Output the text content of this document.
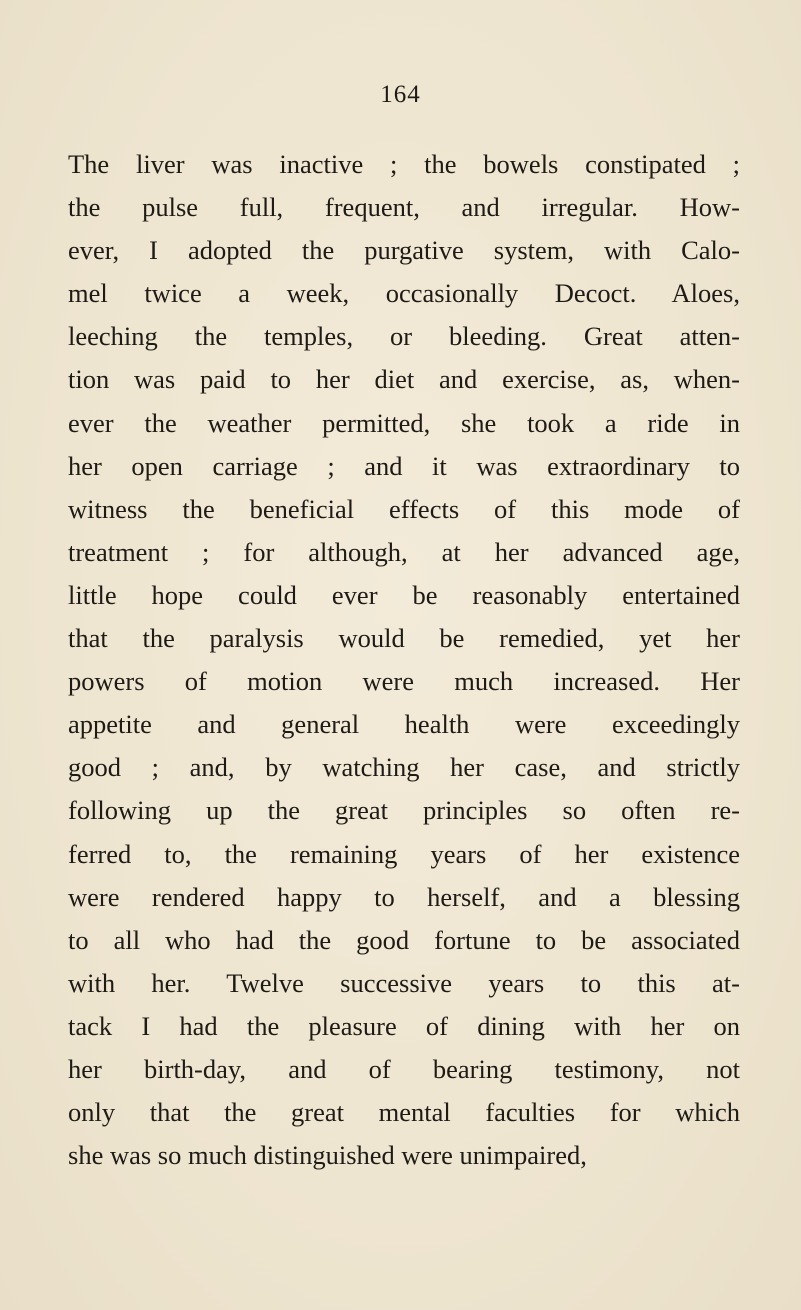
164
The liver was inactive ; the bowels constipated ;
the pulse full, frequent, and irregular. How-
ever, I adopted the purgative system, with Calo-
mel twice a week, occasionally Decoct. Aloes,
leeching the temples, or bleeding. Great atten-
tion was paid to her diet and exercise, as, when-
ever the weather permitted, she took a ride in
her open carriage ; and it was extraordinary to
witness the beneficial effects of this mode of
treatment ; for although, at her advanced age,
little hope could ever be reasonably entertained
that the paralysis would be remedied, yet her
powers of motion were much increased. Her
appetite and general health were exceedingly
good ; and, by watching her case, and strictly
following up the great principles so often re-
ferred to, the remaining years of her existence
were rendered happy to herself, and a blessing
to all who had the good fortune to be associated
with her. Twelve successive years to this at-
tack I had the pleasure of dining with her on
her birth-day, and of bearing testimony, not
only that the great mental faculties for which
she was so much distinguished were unimpaired,
